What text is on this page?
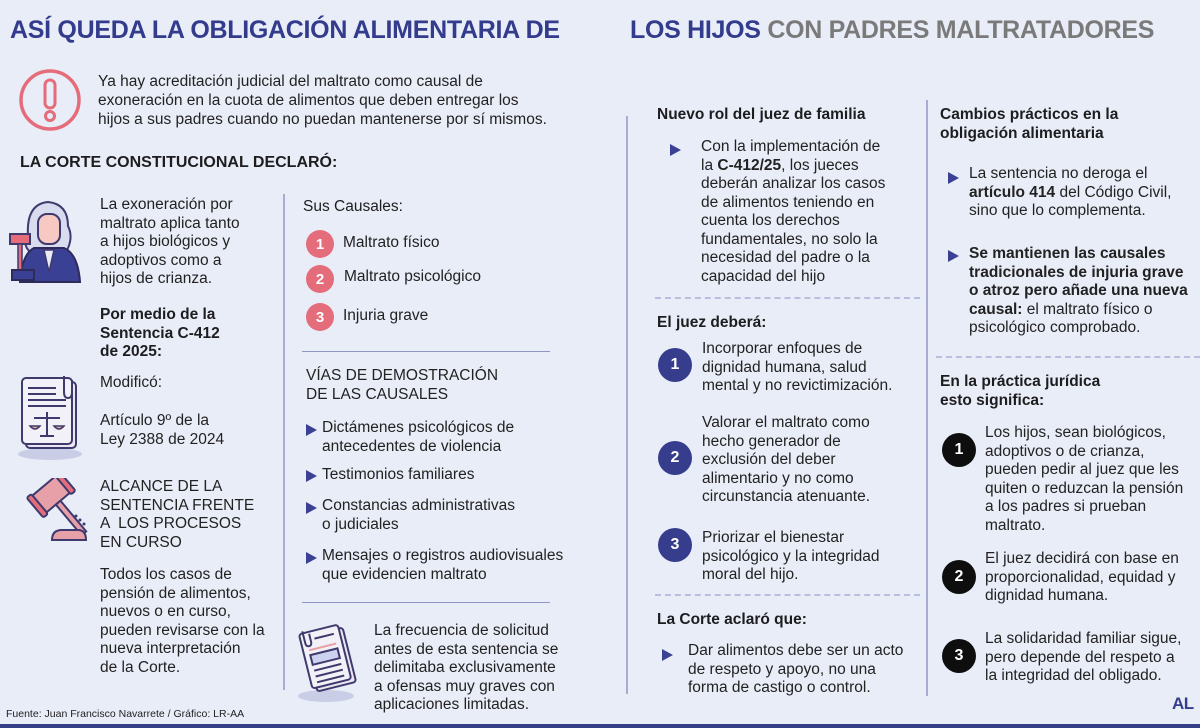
ASÍ QUEDA LA OBLIGACIÓN ALIMENTARIA DE	LOS HIJOS CON PADRES MALTRATADORES
Ya hay acreditación judicial del maltrato como causal de
exoneración en la cuota de alimentos que deben entregar los
hijos a sus padres cuando no puedan mantenerse por sí mismos.
LA CORTE CONSTITUCIONAL DECLARÓ:
La exoneración por
maltrato aplica tanto
a hijos biológicos y
adoptivos como a
hijos de crianza.
Por medio de la
Sentencia C-412
de 2025:
Modificó:
Artículo 9º de la
Ley 2388 de 2024
ALCANCE DE LA
SENTENCIA FRENTE
A  LOS PROCESOS
EN CURSO
Todos los casos de
pensión de alimentos,
nuevos o en curso,
pueden revisarse con la
nueva interpretación
de la Corte.
Fuente: Juan Francisco Navarrete / Gráfico: LR-AA
Sus Causales:
1	Maltrato físico
2	Maltrato psicológico
3	Injuria grave
VÍAS DE DEMOSTRACIÓN
DE LAS CAUSALES
Dictámenes psicológicos de
antecedentes de violencia
Testimonios familiares
Constancias administrativas
o judiciales
Mensajes o registros audiovisuales
que evidencien maltrato
La frecuencia de solicitud
antes de esta sentencia se
delimitaba exclusivamente
a ofensas muy graves con
aplicaciones limitadas.
Nuevo rol del juez de familia
Con la implementación de
la C-412/25, los jueces
deberán analizar los casos
de alimentos teniendo en
cuenta los derechos
fundamentales, no solo la
necesidad del padre o la
capacidad del hijo
El juez deberá:
1
Incorporar enfoques de
dignidad humana, salud
mental y no revictimización.
2
Valorar el maltrato como
hecho generador de
exclusión del deber
alimentario y no como
circunstancia atenuante.
3	Priorizar el bienestar
psicológico y la integridad
moral del hijo.
La Corte aclaró que:
Dar alimentos debe ser un acto
de respeto y apoyo, no una
forma de castigo o control.
Cambios prácticos en la
obligación alimentaria
La sentencia no deroga el
artículo 414 del Código Civil,
sino que lo complementa.
Se mantienen las causales
tradicionales de injuria grave
o atroz pero añade una nueva
causal: el maltrato físico o
psicológico comprobado.
En la práctica jurídica
esto significa:
1
Los hijos, sean biológicos,
adoptivos o de crianza,
pueden pedir al juez que les
quiten o reduzcan la pensión
a los padres si prueban
maltrato.
2
El juez decidirá con base en
proporcionalidad, equidad y
dignidad humana.
3
La solidaridad familiar sigue,
pero depende del respeto a
la integridad del obligado.
AL
